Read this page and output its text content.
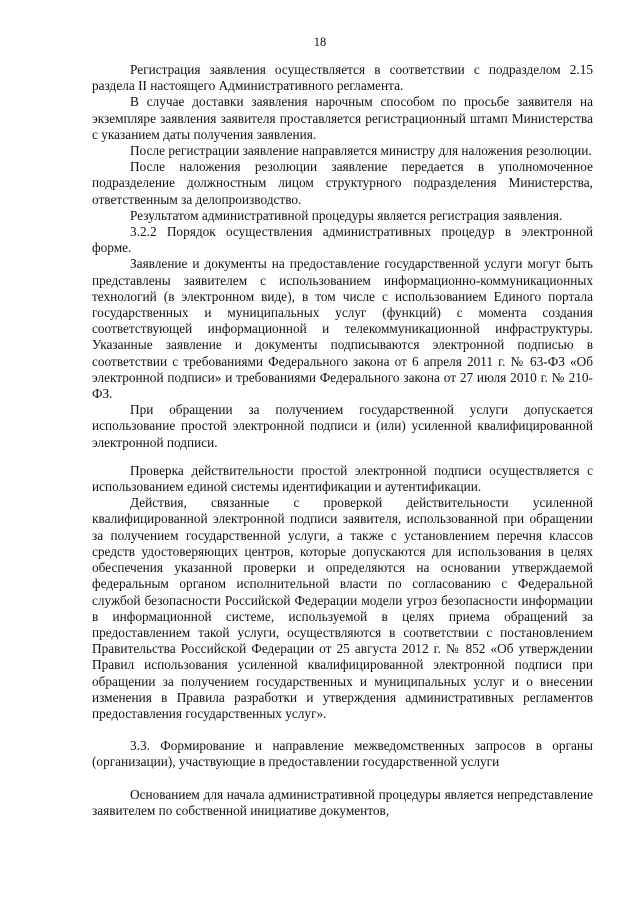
18

Регистрация заявления осуществляется в соответствии с подразделом 2.15 раздела II настоящего Административного регламента.

В случае доставки заявления нарочным способом по просьбе заявителя на экземпляре заявления заявителя проставляется регистрационный штамп Министерства с указанием даты получения заявления.

После регистрации заявление направляется министру для наложения резолюции.

После наложения резолюции заявление передается в уполномоченное подразделение должностным лицом структурного подразделения Министерства, ответственным за делопроизводство.

Результатом административной процедуры является регистрация заявления.

3.2.2 Порядок осуществления административных процедур в электронной форме.

Заявление и документы на предоставление государственной услуги могут быть представлены заявителем с использованием информационно-коммуникационных технологий (в электронном виде), в том числе с использованием Единого портала государственных и муниципальных услуг (функций) с момента создания соответствующей информационной и телекоммуникационной инфраструктуры. Указанные заявление и документы подписываются электронной подписью в соответствии с требованиями Федерального закона от 6 апреля 2011 г. № 63-ФЗ «Об электронной подписи» и требованиями Федерального закона от 27 июля 2010 г. № 210-ФЗ.

При обращении за получением государственной услуги допускается использование простой электронной подписи и (или) усиленной квалифицированной электронной подписи.

Проверка действительности простой электронной подписи осуществляется с использованием единой системы идентификации и аутентификации.

Действия, связанные с проверкой действительности усиленной квалифицированной электронной подписи заявителя, использованной при обращении за получением государственной услуги, а также с установлением перечня классов средств удостоверяющих центров, которые допускаются для использования в целях обеспечения указанной проверки и определяются на основании утверждаемой федеральным органом исполнительной власти по согласованию с Федеральной службой безопасности Российской Федерации модели угроз безопасности информации в информационной системе, используемой в целях приема обращений за предоставлением такой услуги, осуществляются в соответствии с постановлением Правительства Российской Федерации от 25 августа 2012 г. № 852 «Об утверждении Правил использования усиленной квалифицированной электронной подписи при обращении за получением государственных и муниципальных услуг и о внесении изменения в Правила разработки и утверждения административных регламентов предоставления государственных услуг».

3.3. Формирование и направление межведомственных запросов в органы (организации), участвующие в предоставлении государственной услуги

Основанием для начала административной процедуры является непредставление заявителем по собственной инициативе документов,
